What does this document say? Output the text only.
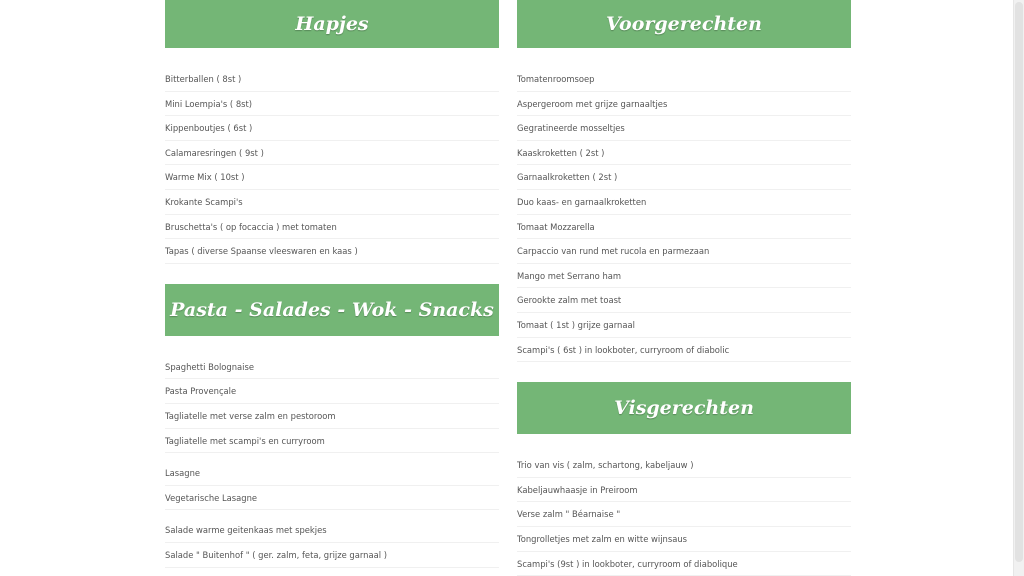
Hapjes
Bitterballen ( 8st )
Mini Loempia's ( 8st)
Kippenboutjes ( 6st )
Calamaresringen ( 9st )
Warme Mix ( 10st )
Krokante Scampi's
Bruschetta's ( op focaccia ) met tomaten
Tapas ( diverse Spaanse vleeswaren en kaas )
Pasta - Salades - Wok - Snacks
Spaghetti Bolognaise
Pasta Provençale
Tagliatelle met verse zalm en pestoroom
Tagliatelle met scampi's en curryroom
Lasagne
Vegetarische Lasagne
Salade warme geitenkaas met spekjes
Salade " Buitenhof " ( ger. zalm, feta, grijze garnaal )
Voorgerechten
Tomatenroomsoep
Aspergeroom met grijze garnaaltjes
Gegratineerde mosseltjes
Kaaskroketten ( 2st )
Garnaalkroketten ( 2st )
Duo kaas- en garnaalkroketten
Tomaat Mozzarella
Carpaccio van rund met rucola en parmezaan
Mango met Serrano ham
Gerookte zalm met toast
Tomaat ( 1st ) grijze garnaal
Scampi's ( 6st ) in lookboter, curryroom of diabolic
Visgerechten
Trio van vis ( zalm, schartong, kabeljauw )
Kabeljauwhaasje in Preiroom
Verse zalm " Béarnaise "
Tongrolletjes met zalm en witte wijnsaus
Scampi's (9st ) in lookboter, curryroom of diabolique
